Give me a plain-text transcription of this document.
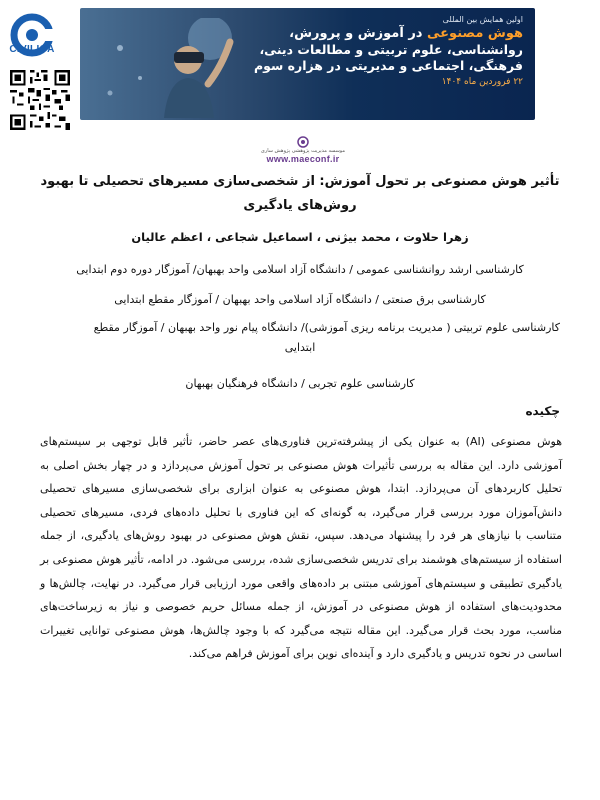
CIVILICA
اولین همایش بین المللی
هوش مصنوعی در آموزش و پرورش،
روانشناسی، علوم تربیتی و مطالعات دینی،
فرهنگی، اجتماعی و مدیریتی در هزاره سوم
۲۲ فروردین ماه ۱۴۰۴
موسسه مدیریت پژوهشی پژوهش ساری
www.maeconf.ir
تأثیر هوش مصنوعی بر تحول آموزش: از شخصی‌سازی مسیرهای تحصیلی تا بهبود روش‌های یادگیری
زهرا حلاوت ، محمد بیژنی ، اسماعیل شجاعی ، اعظم عالیان
کارشناسی ارشد روانشناسی عمومی / دانشگاه آزاد اسلامی واحد بهبهان/ آموزگار دوره دوم ابتدایی
کارشناسی برق صنعتی / دانشگاه آزاد اسلامی واحد بهبهان / آموزگار مقطع ابتدایی
کارشناسی علوم تربیتی ( مدیریت برنامه ریزی آموزشی)/ دانشگاه پیام نور واحد بهبهان / آموزگار مقطع
ابتدایی
کارشناسی علوم تجربی / دانشگاه فرهنگیان بهبهان
چکیده
هوش مصنوعی (AI) به عنوان یکی از پیشرفته‌ترین فناوری‌های عصر حاضر، تأثیر قابل توجهی بر سیستم‌های آموزشی دارد. این مقاله به بررسی تأثیرات هوش مصنوعی بر تحول آموزش می‌پردازد و در چهار بخش اصلی به تحلیل کاربردهای آن می‌پردازد. ابتدا، هوش مصنوعی به عنوان ابزاری برای شخصی‌سازی مسیرهای تحصیلی دانش‌آموزان مورد بررسی قرار می‌گیرد، به گونه‌ای که این فناوری با تحلیل داده‌های فردی، مسیرهای تحصیلی متناسب با نیازهای هر فرد را پیشنهاد می‌دهد. سپس، نقش هوش مصنوعی در بهبود روش‌های یادگیری، از جمله استفاده از سیستم‌های هوشمند برای تدریس شخصی‌سازی شده، بررسی می‌شود. در ادامه، تأثیر هوش مصنوعی بر یادگیری تطبیقی و سیستم‌های آموزشی مبتنی بر داده‌های واقعی مورد ارزیابی قرار می‌گیرد. در نهایت، چالش‌ها و محدودیت‌های استفاده از هوش مصنوعی در آموزش، از جمله مسائل حریم خصوصی و نیاز به زیرساخت‌های مناسب، مورد بحث قرار می‌گیرد. این مقاله نتیجه می‌گیرد که با وجود چالش‌ها، هوش مصنوعی توانایی تغییرات اساسی در نحوه تدریس و یادگیری دارد و آینده‌ای نوین برای آموزش فراهم می‌کند.
